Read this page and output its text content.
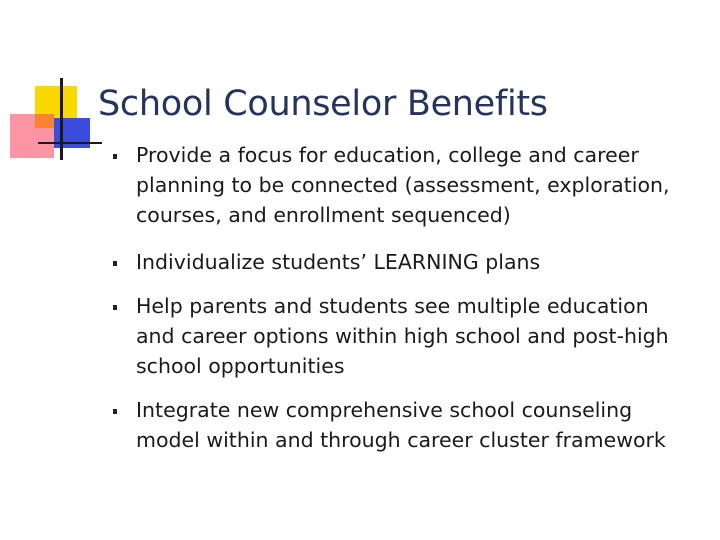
School Counselor Benefits
Provide a focus for education, college and career planning to be connected (assessment, exploration, courses, and enrollment sequenced)
Individualize students’ LEARNING plans
Help parents and students see multiple education and career options within high school and post-high school opportunities
Integrate new comprehensive school counseling model within and through career cluster framework
